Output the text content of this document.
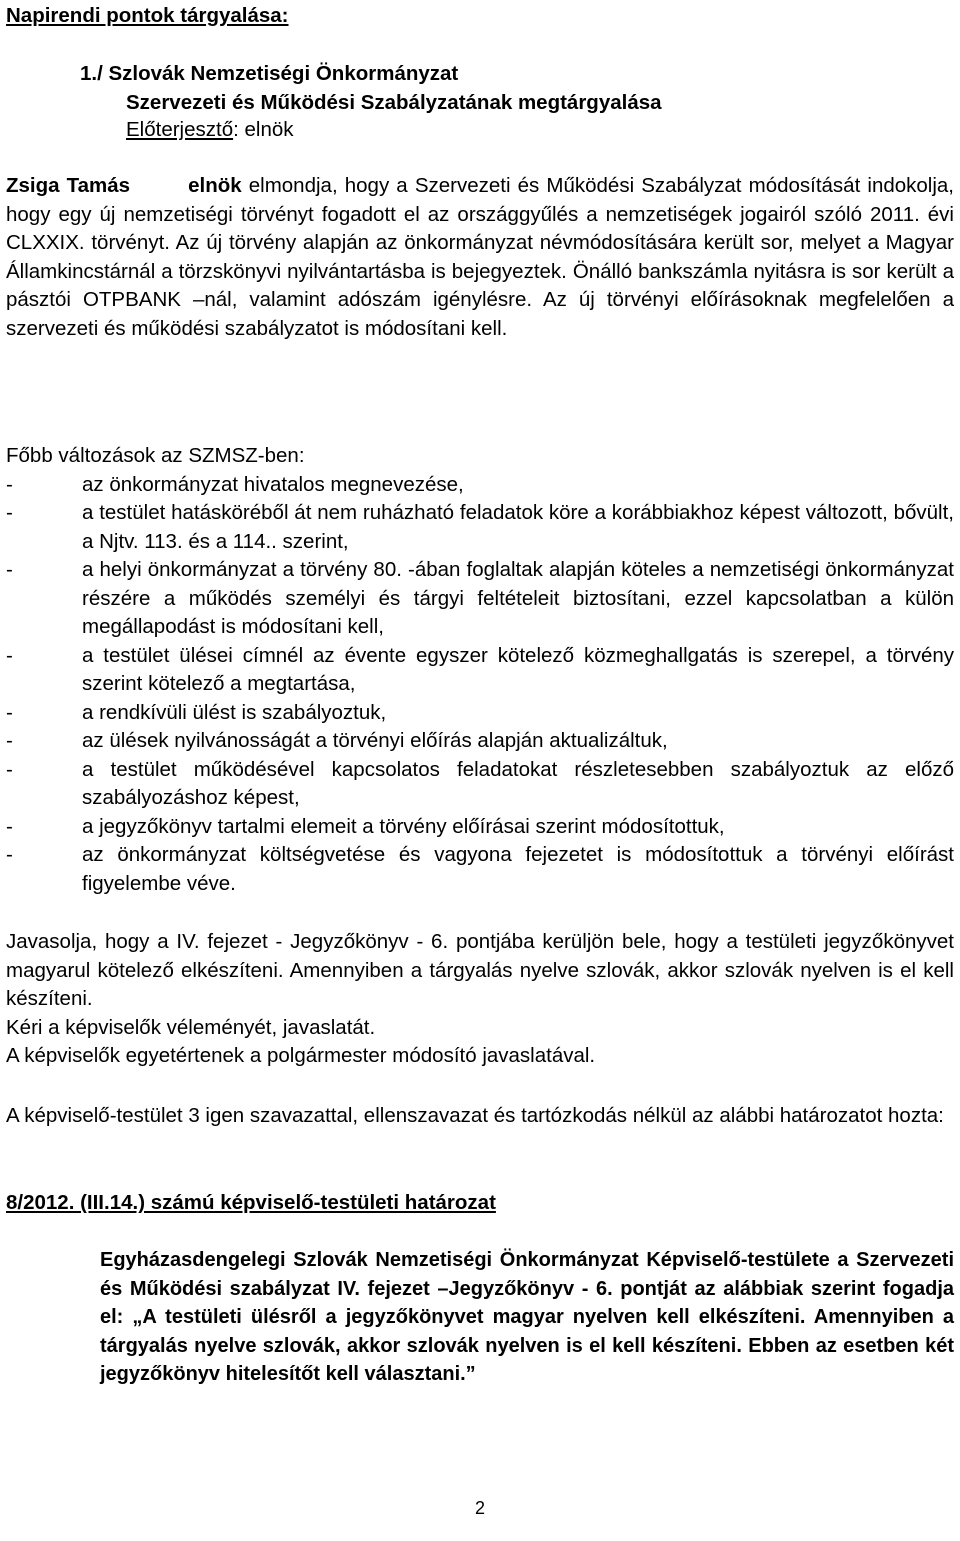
Napirendi pontok tárgyalása:
1./ Szlovák Nemzetiségi Önkormányzat
Szervezeti és Működési Szabályzatának megtárgyalása
Előterjesztő: elnök

Zsiga Tamás	elnök elmondja, hogy a Szervezeti és Működési Szabályzat módosítását indokolja, hogy egy új nemzetiségi törvényt fogadott el az országgyűlés a nemzetiségek jogairól szóló 2011. évi CLXXIX. törvényt. Az új törvény alapján az önkormányzat névmódosítására került sor, melyet a Magyar Államkincstárnál a törzskönyvi nyilvántartásba is bejegyeztek. Önálló bankszámla nyitásra is sor került a pásztói OTPBANK –nál, valamint adószám igénylésre. Az új törvényi előírásoknak megfelelően a szervezeti és működési szabályzatot is módosítani kell.

Főbb változások az SZMSZ-ben:

- az önkormányzat hivatalos megnevezése,
- a testület hatásköréből át nem ruházható feladatok köre a korábbiakhoz képest változott, bővült, a Njtv. 113. és a 114.. szerint,
- a helyi önkormányzat a törvény 80. -ában foglaltak alapján köteles a nemzetiségi önkormányzat részére a működés személyi és tárgyi feltételeit biztosítani, ezzel kapcsolatban a külön megállapodást is módosítani kell,
- a testület ülései címnél az évente egyszer kötelező közmeghallgatás is szerepel, a törvény szerint kötelező a megtartása,
- a rendkívüli ülést is szabályoztuk,
- az ülések nyilvánosságát a törvényi előírás alapján aktualizáltuk,
- a testület működésével kapcsolatos feladatokat részletesebben szabályoztuk az előző szabályozáshoz képest,
- a jegyzőkönyv tartalmi elemeit a törvény előírásai szerint módosítottuk,
- az önkormányzat költségvetése és vagyona fejezetet is módosítottuk a törvényi előírást figyelembe véve.

Javasolja, hogy a IV. fejezet - Jegyzőkönyv - 6. pontjába kerüljön bele, hogy a testületi jegyzőkönyvet magyarul kötelező elkészíteni. Amennyiben a tárgyalás nyelve szlovák, akkor szlovák nyelven is el kell készíteni.

Kéri a képviselők véleményét, javaslatát.

A képviselők egyetértenek a polgármester módosító javaslatával.

A képviselő-testület 3 igen szavazattal, ellenszavazat és tartózkodás nélkül az alábbi határozatot hozta:

8/2012. (III.14.) számú képviselő-testületi határozat

Egyházasdengelegi Szlovák Nemzetiségi Önkormányzat Képviselő-testülete a Szervezeti és Működési szabályzat IV. fejezet –Jegyzőkönyv - 6. pontját az alábbiak szerint fogadja el: „A testületi ülésről a jegyzőkönyvet magyar nyelven kell elkészíteni. Amennyiben a tárgyalás nyelve szlovák, akkor szlovák nyelven is el kell készíteni. Ebben az esetben két jegyzőkönyv hitelesítőt kell választani.”

2
